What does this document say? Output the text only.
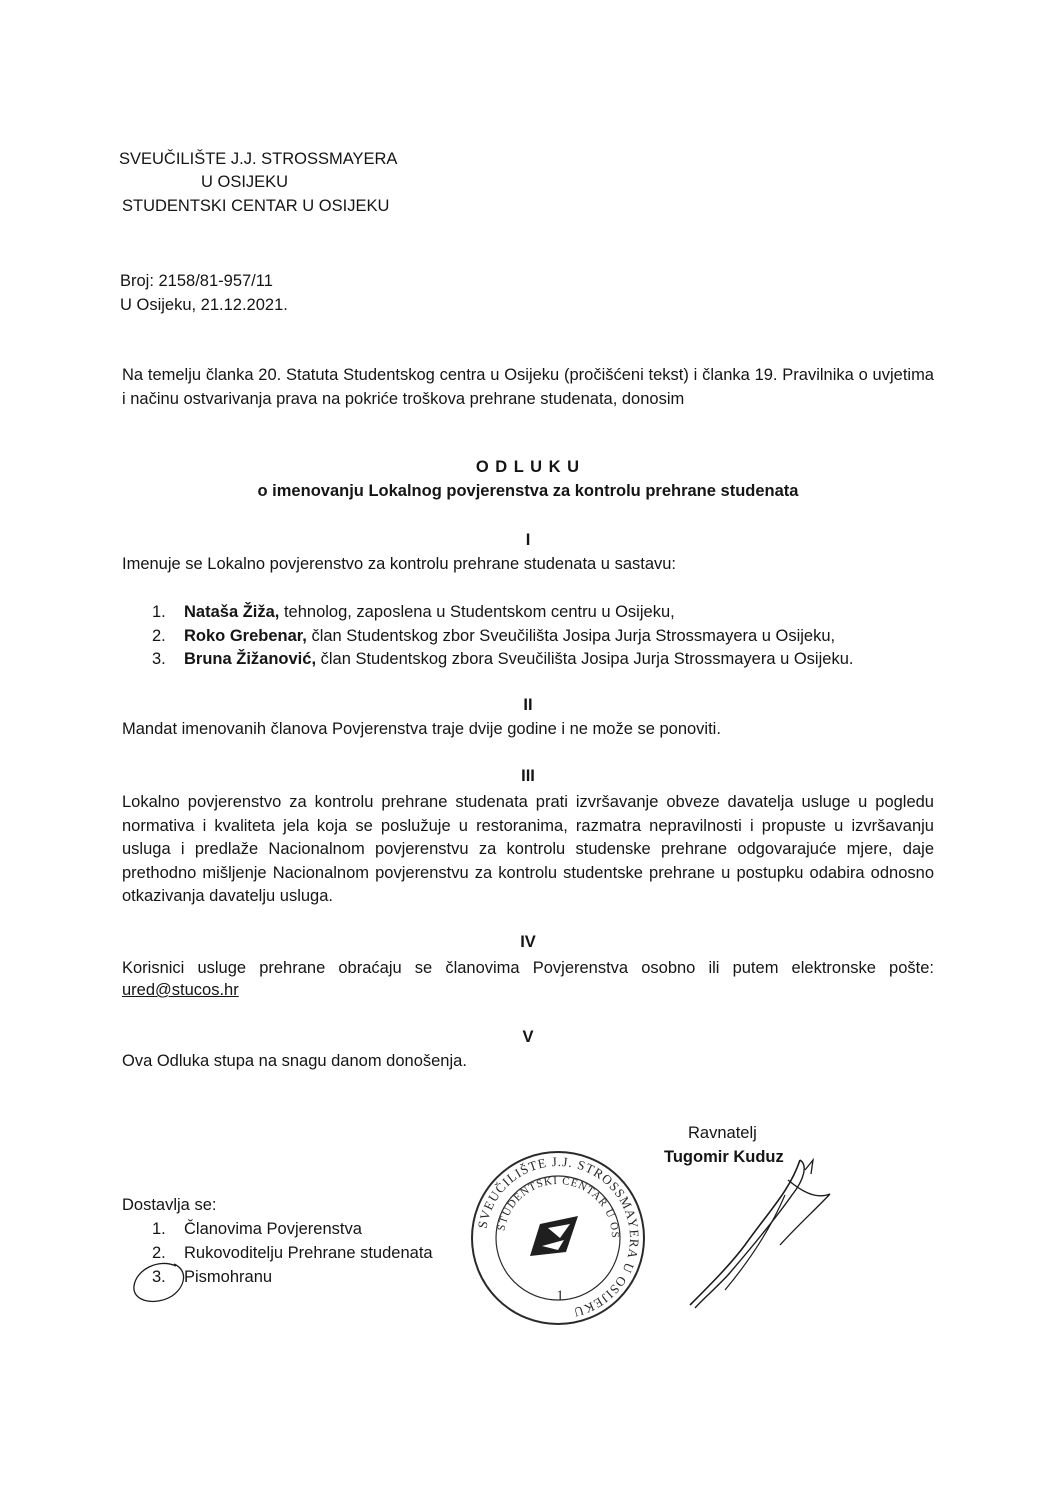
SVEUČILIŠTE J.J. STROSSMAYERA
U OSIJEKU
STUDENTSKI CENTAR U OSIJEKU
Broj: 2158/81-957/11
U Osijeku, 21.12.2021.
Na temelju članka 20. Statuta Studentskog centra u Osijeku (pročišćeni tekst) i članka 19. Pravilnika o uvjetima i načinu ostvarivanja prava na pokriće troškova prehrane studenata, donosim
O D L U K U
o imenovanju Lokalnog povjerenstva za kontrolu prehrane studenata
I
Imenuje se Lokalno povjerenstvo za kontrolu prehrane studenata u sastavu:
1. Nataša Žiža, tehnolog, zaposlena u Studentskom centru u Osijeku,
2. Roko Grebenar, član Studentskog zbor Sveučilišta Josipa Jurja Strossmayera u Osijeku,
3. Bruna Žižanović, član Studentskog zbora Sveučilišta Josipa Jurja Strossmayera u Osijeku.
II
Mandat imenovanih članova Povjerenstva traje dvije godine i ne može se ponoviti.
III
Lokalno povjerenstvo za kontrolu prehrane studenata prati izvršavanje obveze davatelja usluge u pogledu normativa i kvaliteta jela koja se poslužuje u restoranima, razmatra nepravilnosti i propuste u izvršavanju usluga i predlaže Nacionalnom povjerenstvu za kontrolu studenske prehrane odgovarajuće mjere, daje prethodno mišljenje Nacionalnom povjerenstvu za kontrolu studentske prehrane u postupku odabira odnosno otkazivanja davatelju usluga.
IV
Korisnici usluge prehrane obraćaju se članovima Povjerenstva osobno ili putem elektronske pošte:
ured@stucos.hr
V
Ova Odluka stupa na snagu danom donošenja.
Ravnatelj
Tugomir Kuduz
SVEUČILIŠTE J.J. STROSSMAYERA U OSIJEKU
STUDENTSKI CENTAR U OSIJEKU
1
Dostavlja se:
1. Članovima Povjerenstva
2. Rukovoditelju Prehrane studenata
3. Pismohranu
